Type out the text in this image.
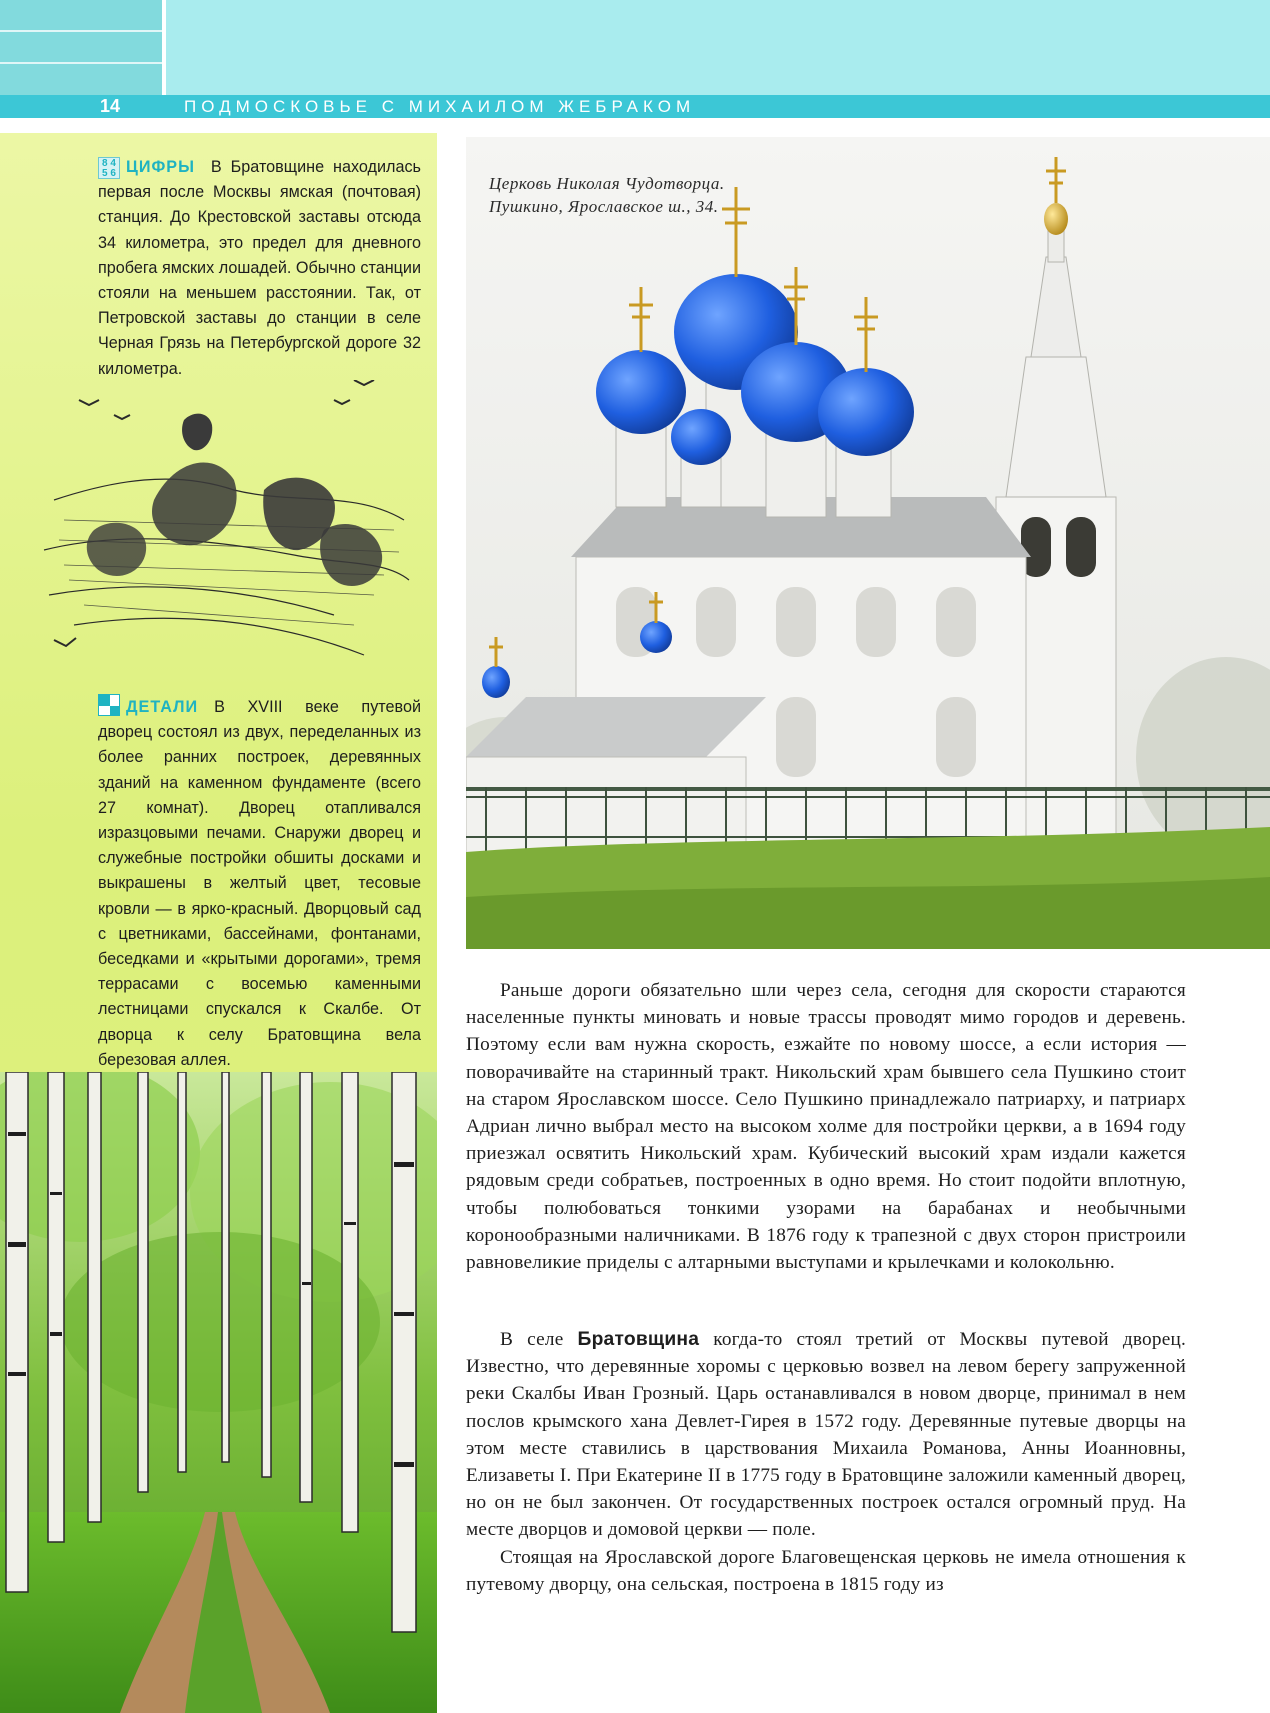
14	ПОДМОСКОВЬЕ С МИХАИЛОМ ЖЕБРАКОМ
8 4
5 6 ЦИФРЫ В Братовщине находилась первая после Москвы ямская (почтовая) станция. До Крестовской заставы отсюда 34 километра, это предел для дневного пробега ямских лошадей. Обычно станции стояли на меньшем расстоянии. Так, от Петровской заставы до станции в селе Черная Грязь на Петербургской дороге 32 километра.
ДЕТАЛИ В XVIII веке путевой дворец состоял из двух, переделанных из более ранних построек, деревянных зданий на каменном фундаменте (всего 27 комнат). Дворец отапливался изразцовыми печами. Снаружи дворец и служебные постройки обшиты досками и выкрашены в желтый цвет, тесовые кровли — в ярко-красный. Дворцовый сад с цветниками, бассейнами, фонтанами, беседками и «крытыми дорогами», тремя террасами с восемью каменными лестницами спускался к Скалбе. От дворца к селу Братовщина вела березовая аллея.
Церковь Николая Чудотворца.
Пушкино, Ярославское ш., 34.
Раньше дороги обязательно шли через села, сегодня для скорости стараются населенные пункты миновать и новые трассы проводят мимо городов и деревень. Поэтому если вам нужна скорость, езжайте по новому шоссе, а если история — поворачивайте на старинный тракт. Никольский храм бывшего села Пушкино стоит на старом Ярославском шоссе. Село Пушкино принадлежало патриарху, и патриарх Адриан лично выбрал место на высоком холме для постройки церкви, а в 1694 году приезжал освятить Никольский храм. Кубический высокий храм издали кажется рядовым среди собратьев, построенных в одно время. Но стоит подойти вплотную, чтобы полюбоваться тонкими узорами на барабанах и необычными коронообразными наличниками. В 1876 году к трапезной с двух сторон пристроили равновеликие приделы с алтарными выступами и крылечками и колокольню.
В селе Братовщина когда-то стоял третий от Москвы путевой дворец. Известно, что деревянные хоромы с церковью возвел на левом берегу запруженной реки Скалбы Иван Грозный. Царь останавливался в новом дворце, принимал в нем послов крымского хана Девлет-Гирея в 1572 году. Деревянные путевые дворцы на этом месте ставились в царствования Михаила Романова, Анны Иоанновны, Елизаветы I. При Екатерине II в 1775 году в Братовщине заложили каменный дворец, но он не был закончен. От государственных построек остался огромный пруд. На месте дворцов и домовой церкви — поле.
Стоящая на Ярославской дороге Благовещенская церковь не имела отношения к путевому дворцу, она сельская, построена в 1815 году из
